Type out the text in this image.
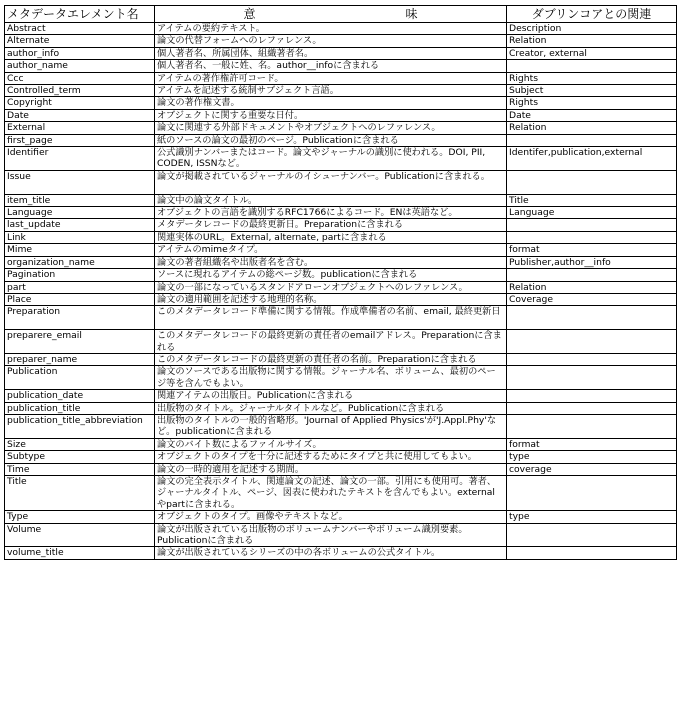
メタデータエレメント名	意 味	ダブリンコアとの関連
Abstract	アイテムの要約テキスト。	Description
Alternate	論文の代替フォームへのレファレンス。	Relation
author_info	個人著者名、所属団体、組織著者名。	Creator, external
author_name	個人著者名、一般に姓、名。author__infoに含まれる	
Ccc	アイテムの著作権許可コード。	Rights
Controlled_term	アイテムを記述する統制サブジェクト言語。	Subject
Copyright	論文の著作権文書。	Rights
Date	オブジェクトに関する重要な日付。	Date
External	論文に関連する外部ドキュメントやオブジェクトへのレファレンス。	Relation
first_page	紙のソースの論文の最初のページ。Publicationに含まれる	
Identifier	公式識別ナンバーまたはコード。論文やジャーナルの識別に使われる。DOI, PII, CODEN, ISSNなど。	Identifer,publication,external
Issue	論文が掲載されているジャーナルのイシューナンバー。Publicationに含まれる。	
item_title	論文中の論文タイトル。	Title
Language	オブジェクトの言語を識別するRFC1766によるコード。ENは英語など。	Language
last_update	メタデータレコードの最終更新日。Preparationに含まれる	
Link	関連実体のURL。External, alternate, partに含まれる	
Mime	アイテムのmimeタイプ。	format
organization_name	論文の著者組織名や出版者名を含む。	Publisher,author__info
Pagination	ソースに現れるアイテムの総ページ数。publicationに含まれる	
part	論文の一部になっているスタンドアローンオブジェクトへのレファレンス。	Relation
Place	論文の適用範囲を記述する地理的名称。	Coverage
Preparation	このメタデータレコード準備に関する情報。作成準備者の名前、email, 最終更新日	
preparere_email	このメタデータレコードの最終更新の責任者のemailアドレス。Preparationに含まれる	
preparer_name	このメタデータレコードの最終更新の責任者の名前。Preparationに含まれる	
Publication	論文のソースである出版物に関する情報。ジャーナル名、ボリューム、最初のページ等を含んでもよい。	
publication_date	関連アイテムの出版日。Publicationに含まれる	
publication_title	出版物のタイトル。ジャーナルタイトルなど。Publicationに含まれる	
publication_title_abbreviation	出版物のタイトルの一般的省略形。'Journal of Applied Physics'が'J.Appl.Phy'など。publicationに含まれる	
Size	論文のバイト数によるファイルサイズ。	format
Subtype	オブジェクトのタイプを十分に記述するためにタイプと共に使用してもよい。	type
Time	論文の一時的適用を記述する期間。	coverage
Title	論文の完全表示タイトル、関連論文の記述、論文の一部。引用にも使用可。著者、ジャーナルタイトル、ページ、図表に使われたテキストを含んでもよい。externalやpartに含まれる。	
Type	オブジェクトのタイプ。画像やテキストなど。	type
Volume	論文が出版されている出版物のボリュームナンバーやボリューム識別要素。Publicationに含まれる	
volume_title	論文が出版されているシリーズの中の各ボリュームの公式タイトル。	
